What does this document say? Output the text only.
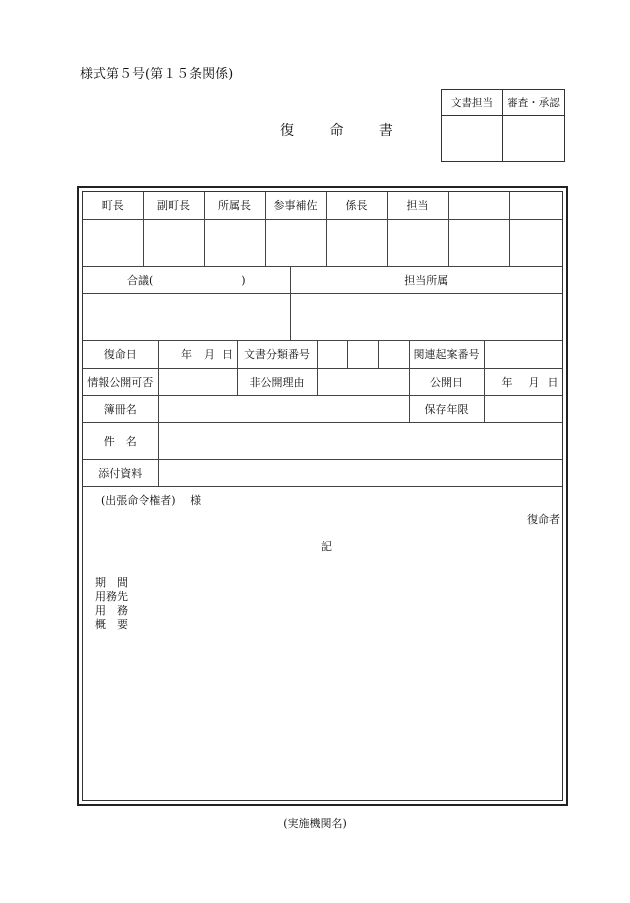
様式第５号(第１５条関係)
復	命	書
文書担当	審査・承認

町長	副町長	所属長	参事補佐	係長	担当		

合議( )	担当所属

復命日	年 月 日	文書分類番号				関連起案番号	
情報公開可否		非公開理由				公開日	年 月 日

簿冊名						保存年限	
件　名							
添付資料							
(出張命令権者)　 様
復命者
記
期　間
用務先
用　務
概　要
(実施機関名)
